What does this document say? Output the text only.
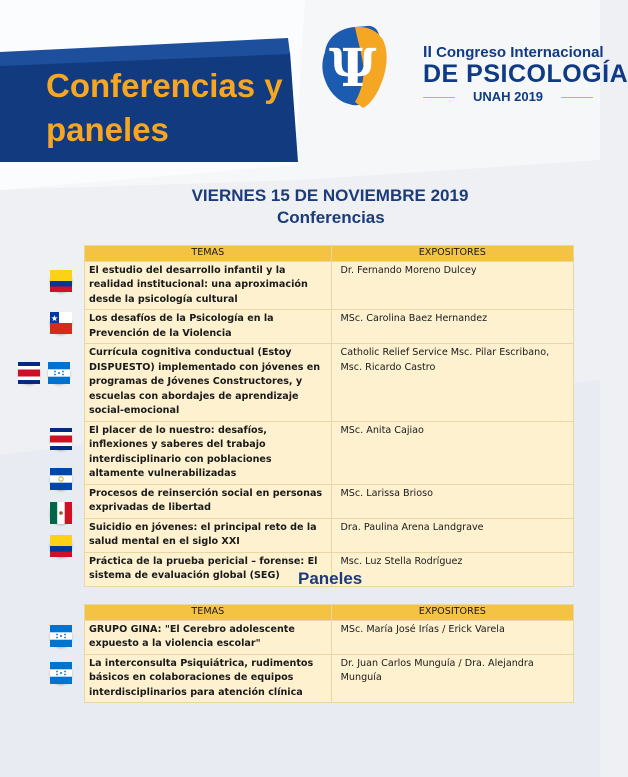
Conferencias y
paneles
Ψ	II Congreso Internacional
DE PSICOLOGÍA
UNAH 2019
VIERNES 15 DE NOVIEMBRE 2019
Conferencias
TEMAS	EXPOSITORES
El estudio del desarrollo infantil y la realidad institucional: una aproximación desde la psicología cultural	Dr. Fernando Moreno Dulcey
Los desafíos de la Psicología en la Prevención de la Violencia	MSc. Carolina Baez Hernandez
Currícula cognitiva conductual (Estoy DISPUESTO) implementado con jóvenes en programas de Jóvenes Constructores, y escuelas con abordajes de aprendizaje social-emocional	Catholic Relief Service Msc. Pilar Escribano, Msc. Ricardo Castro
El placer de lo nuestro: desafíos, inflexiones y saberes del trabajo interdisciplinario con poblaciones altamente vulnerabilizadas	MSc. Anita Cajiao
Procesos de reinserción social en personas exprivadas de libertad	MSc. Larissa Brioso
Suicidio en jóvenes: el principal reto de la salud mental en el siglo XXI	Dra. Paulina Arena Landgrave
Práctica de la prueba pericial – forense: El sistema de evaluación global (SEG)	Msc. Luz Stella Rodríguez
Paneles
TEMAS	EXPOSITORES
GRUPO GINA: "El Cerebro adolescente expuesto a la violencia escolar"	MSc. María José Irías / Erick Varela
La interconsulta Psiquiátrica, rudimentos básicos en colaboraciones de equipos interdisciplinarios para atención clínica	Dr. Juan Carlos Munguía / Dra. Alejandra Munguía
